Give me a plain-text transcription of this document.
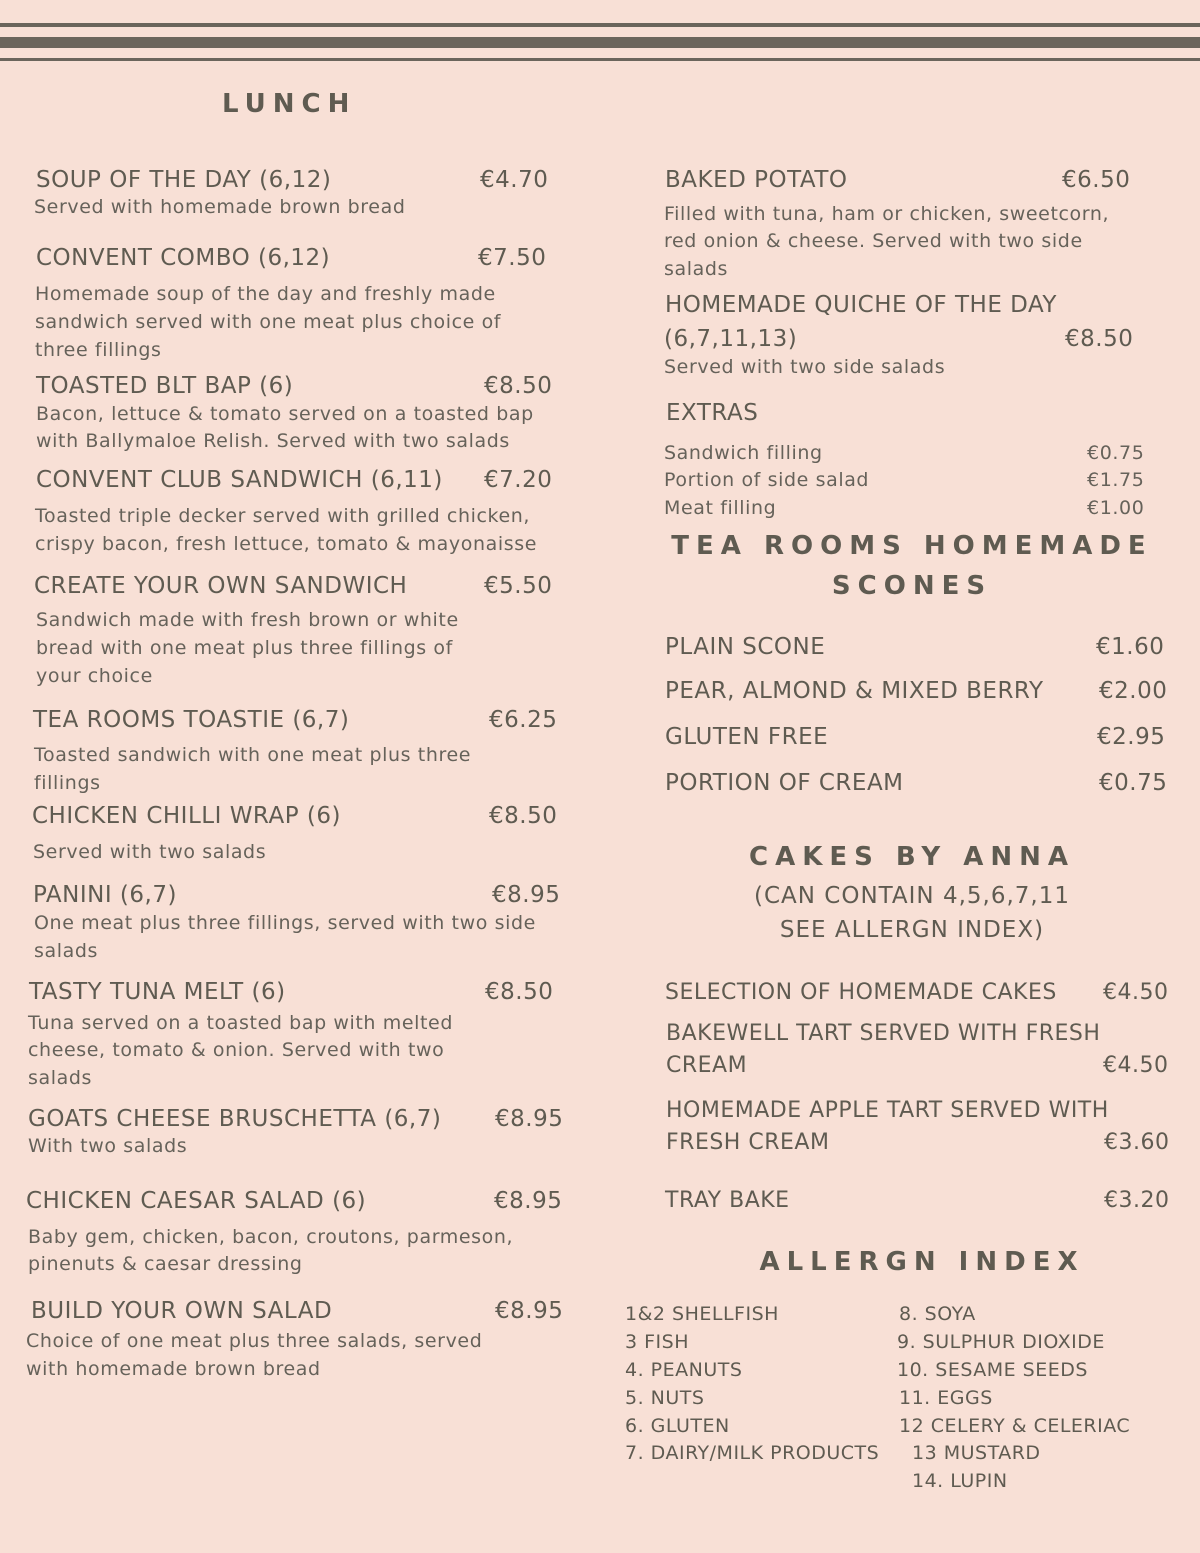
LUNCH
SOUP OF THE DAY (6,12)	€4.70
Served with homemade brown bread
CONVENT COMBO (6,12)	€7.50
Homemade soup of the day and freshly made
sandwich served with one meat plus choice of
three fillings
TOASTED BLT BAP (6)	€8.50
Bacon, lettuce & tomato served on a toasted bap
with Ballymaloe Relish. Served with two salads
CONVENT CLUB SANDWICH (6,11) €7.20
Toasted triple decker served with grilled chicken,
crispy bacon, fresh lettuce, tomato & mayonaisse
CREATE YOUR OWN SANDWICH	€5.50
Sandwich made with fresh brown or white
bread with one meat plus three fillings of
your choice
TEA ROOMS TOASTIE (6,7)	€6.25
Toasted sandwich with one meat plus three
fillings
CHICKEN CHILLI WRAP (6)	€8.50
Served with two salads
PANINI (6,7)	€8.95
One meat plus three fillings, served with two side
salads
TASTY TUNA MELT (6)	€8.50
Tuna served on a toasted bap with melted
cheese, tomato & onion. Served with two
salads
GOATS CHEESE BRUSCHETTA (6,7) €8.95
With two salads
CHICKEN CAESAR SALAD (6)	€8.95
Baby gem, chicken, bacon, croutons, parmeson,
pinenuts & caesar dressing
BUILD YOUR OWN SALAD	€8.95
Choice of one meat plus three salads, served
with homemade brown bread
BAKED POTATO	€6.50
Filled with tuna, ham or chicken, sweetcorn,
red onion & cheese. Served with two side
salads
HOMEMADE QUICHE OF THE DAY
(6,7,11,13)	€8.50
Served with two side salads
EXTRAS
Sandwich filling	€0.75
Portion of side salad	€1.75
Meat filling	€1.00
TEA ROOMS HOMEMADE
SCONES
PLAIN SCONE	€1.60
PEAR, ALMOND & MIXED BERRY €2.00
GLUTEN FREE	€2.95
PORTION OF CREAM	€0.75
CAKES BY ANNA
(CAN CONTAIN 4,5,6,7,11
SEE ALLERGN INDEX)
SELECTION OF HOMEMADE CAKES €4.50
BAKEWELL TART SERVED WITH FRESH
CREAM	€4.50
HOMEMADE APPLE TART SERVED WITH
FRESH CREAM	€3.60
TRAY BAKE	€3.20
ALLERGN INDEX
1&2 SHELLFISH
3 FISH
4. PEANUTS
5. NUTS
6. GLUTEN
7. DAIRY/MILK PRODUCTS
8. SOYA
9. SULPHUR DIOXIDE
10. SESAME SEEDS
11. EGGS
12 CELERY & CELERIAC
13 MUSTARD
14. LUPIN
